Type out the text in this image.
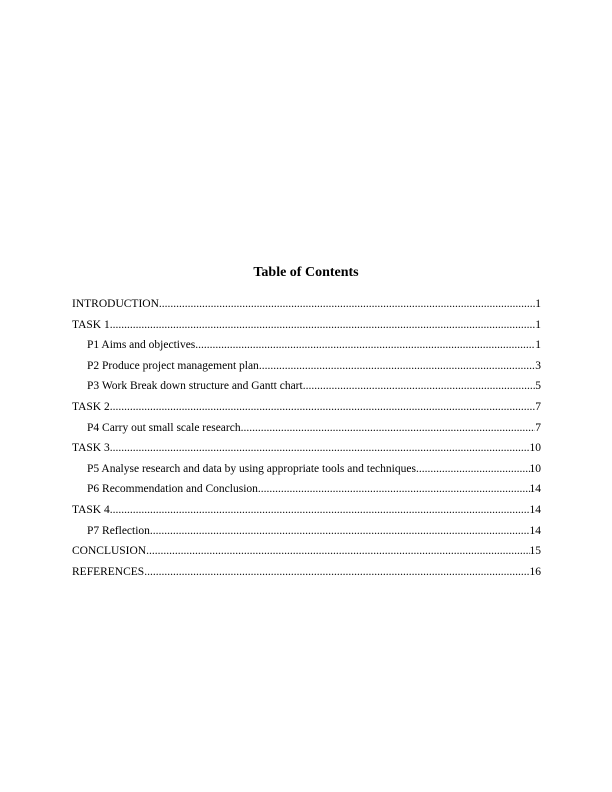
Table of Contents
INTRODUCTION .....	1
TASK 1 .....	1
P1 Aims and objectives .....	1
P2 Produce project management plan .....	3
P3 Work Break down structure and Gantt chart .....	5
TASK 2 .....	7
P4 Carry out small scale research .....	7
TASK 3 .....	10
P5 Analyse research and data by using appropriate tools and techniques .....	10
P6 Recommendation and Conclusion .....	14
TASK 4 .....	14
P7 Reflection .....	14
CONCLUSION .....	15
REFERENCES .....	16
